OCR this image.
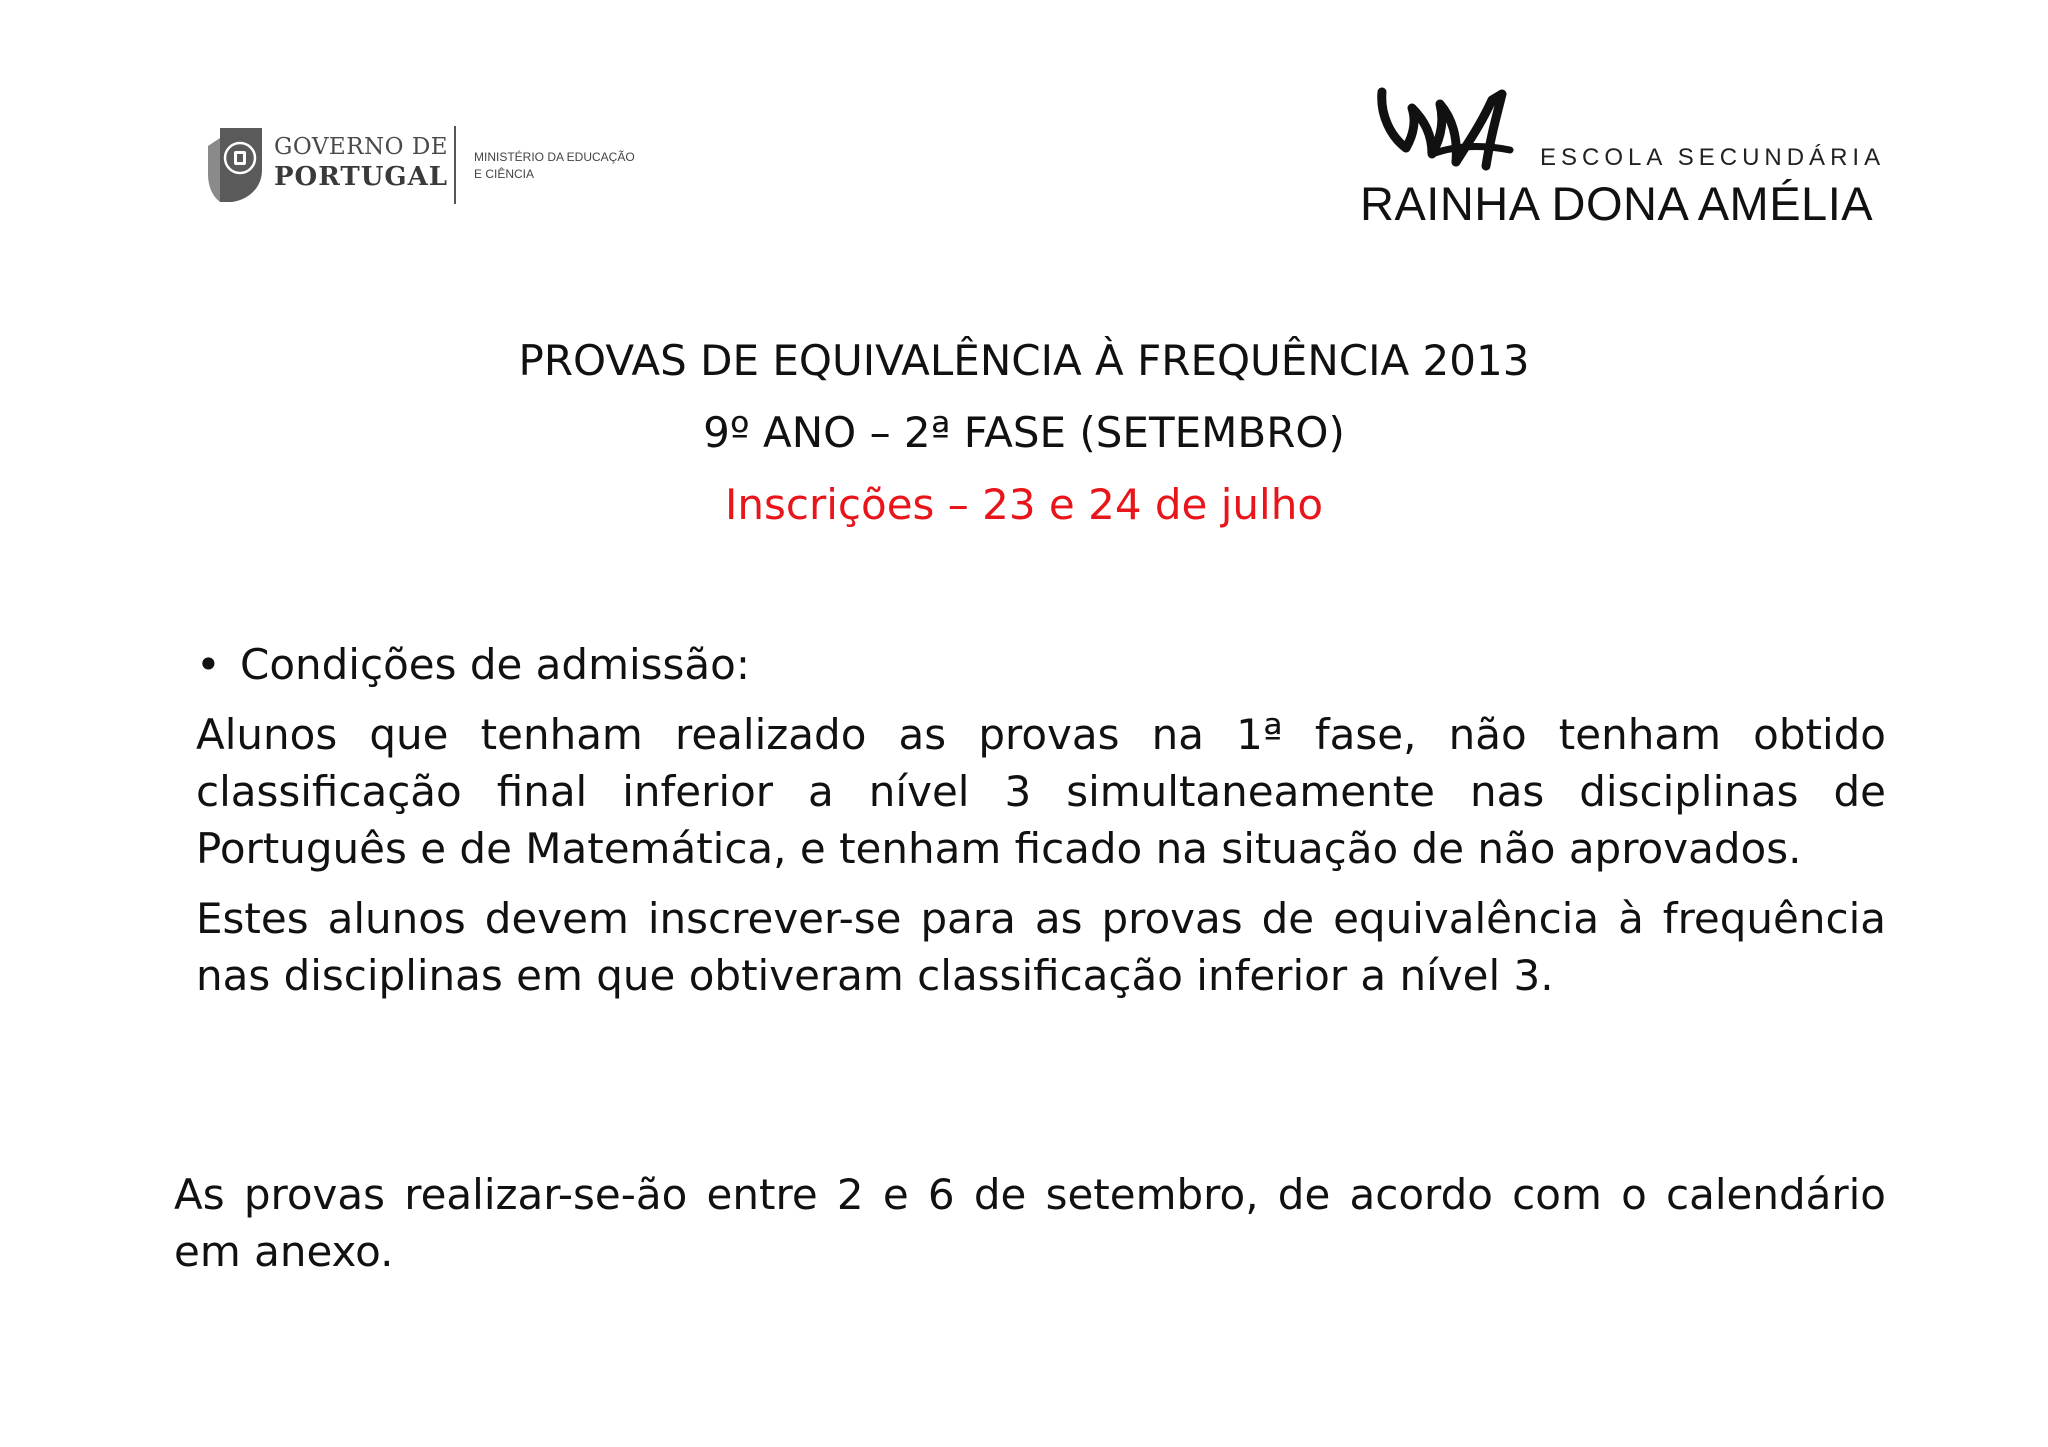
GOVERNO DE
PORTUGAL
MINISTÉRIO DA EDUCAÇÃO
E CIÊNCIA
ESCOLA SECUNDÁRIA
RAINHA DONA AMÉLIA
PROVAS DE EQUIVALÊNCIA À FREQUÊNCIA 2013
9º ANO – 2ª FASE (SETEMBRO)
Inscrições – 23 e 24 de julho
• Condições de admissão:

Alunos que tenham realizado as provas na 1ª fase, não tenham obtido classificação final inferior a nível 3 simultaneamente nas disciplinas de Português e de Matemática, e tenham ficado na situação de não aprovados.

Estes alunos devem inscrever-se para as provas de equivalência à frequência nas disciplinas em que obtiveram classificação inferior a nível 3.

As provas realizar-se-ão entre 2 e 6 de setembro, de acordo com o calendário em anexo.
